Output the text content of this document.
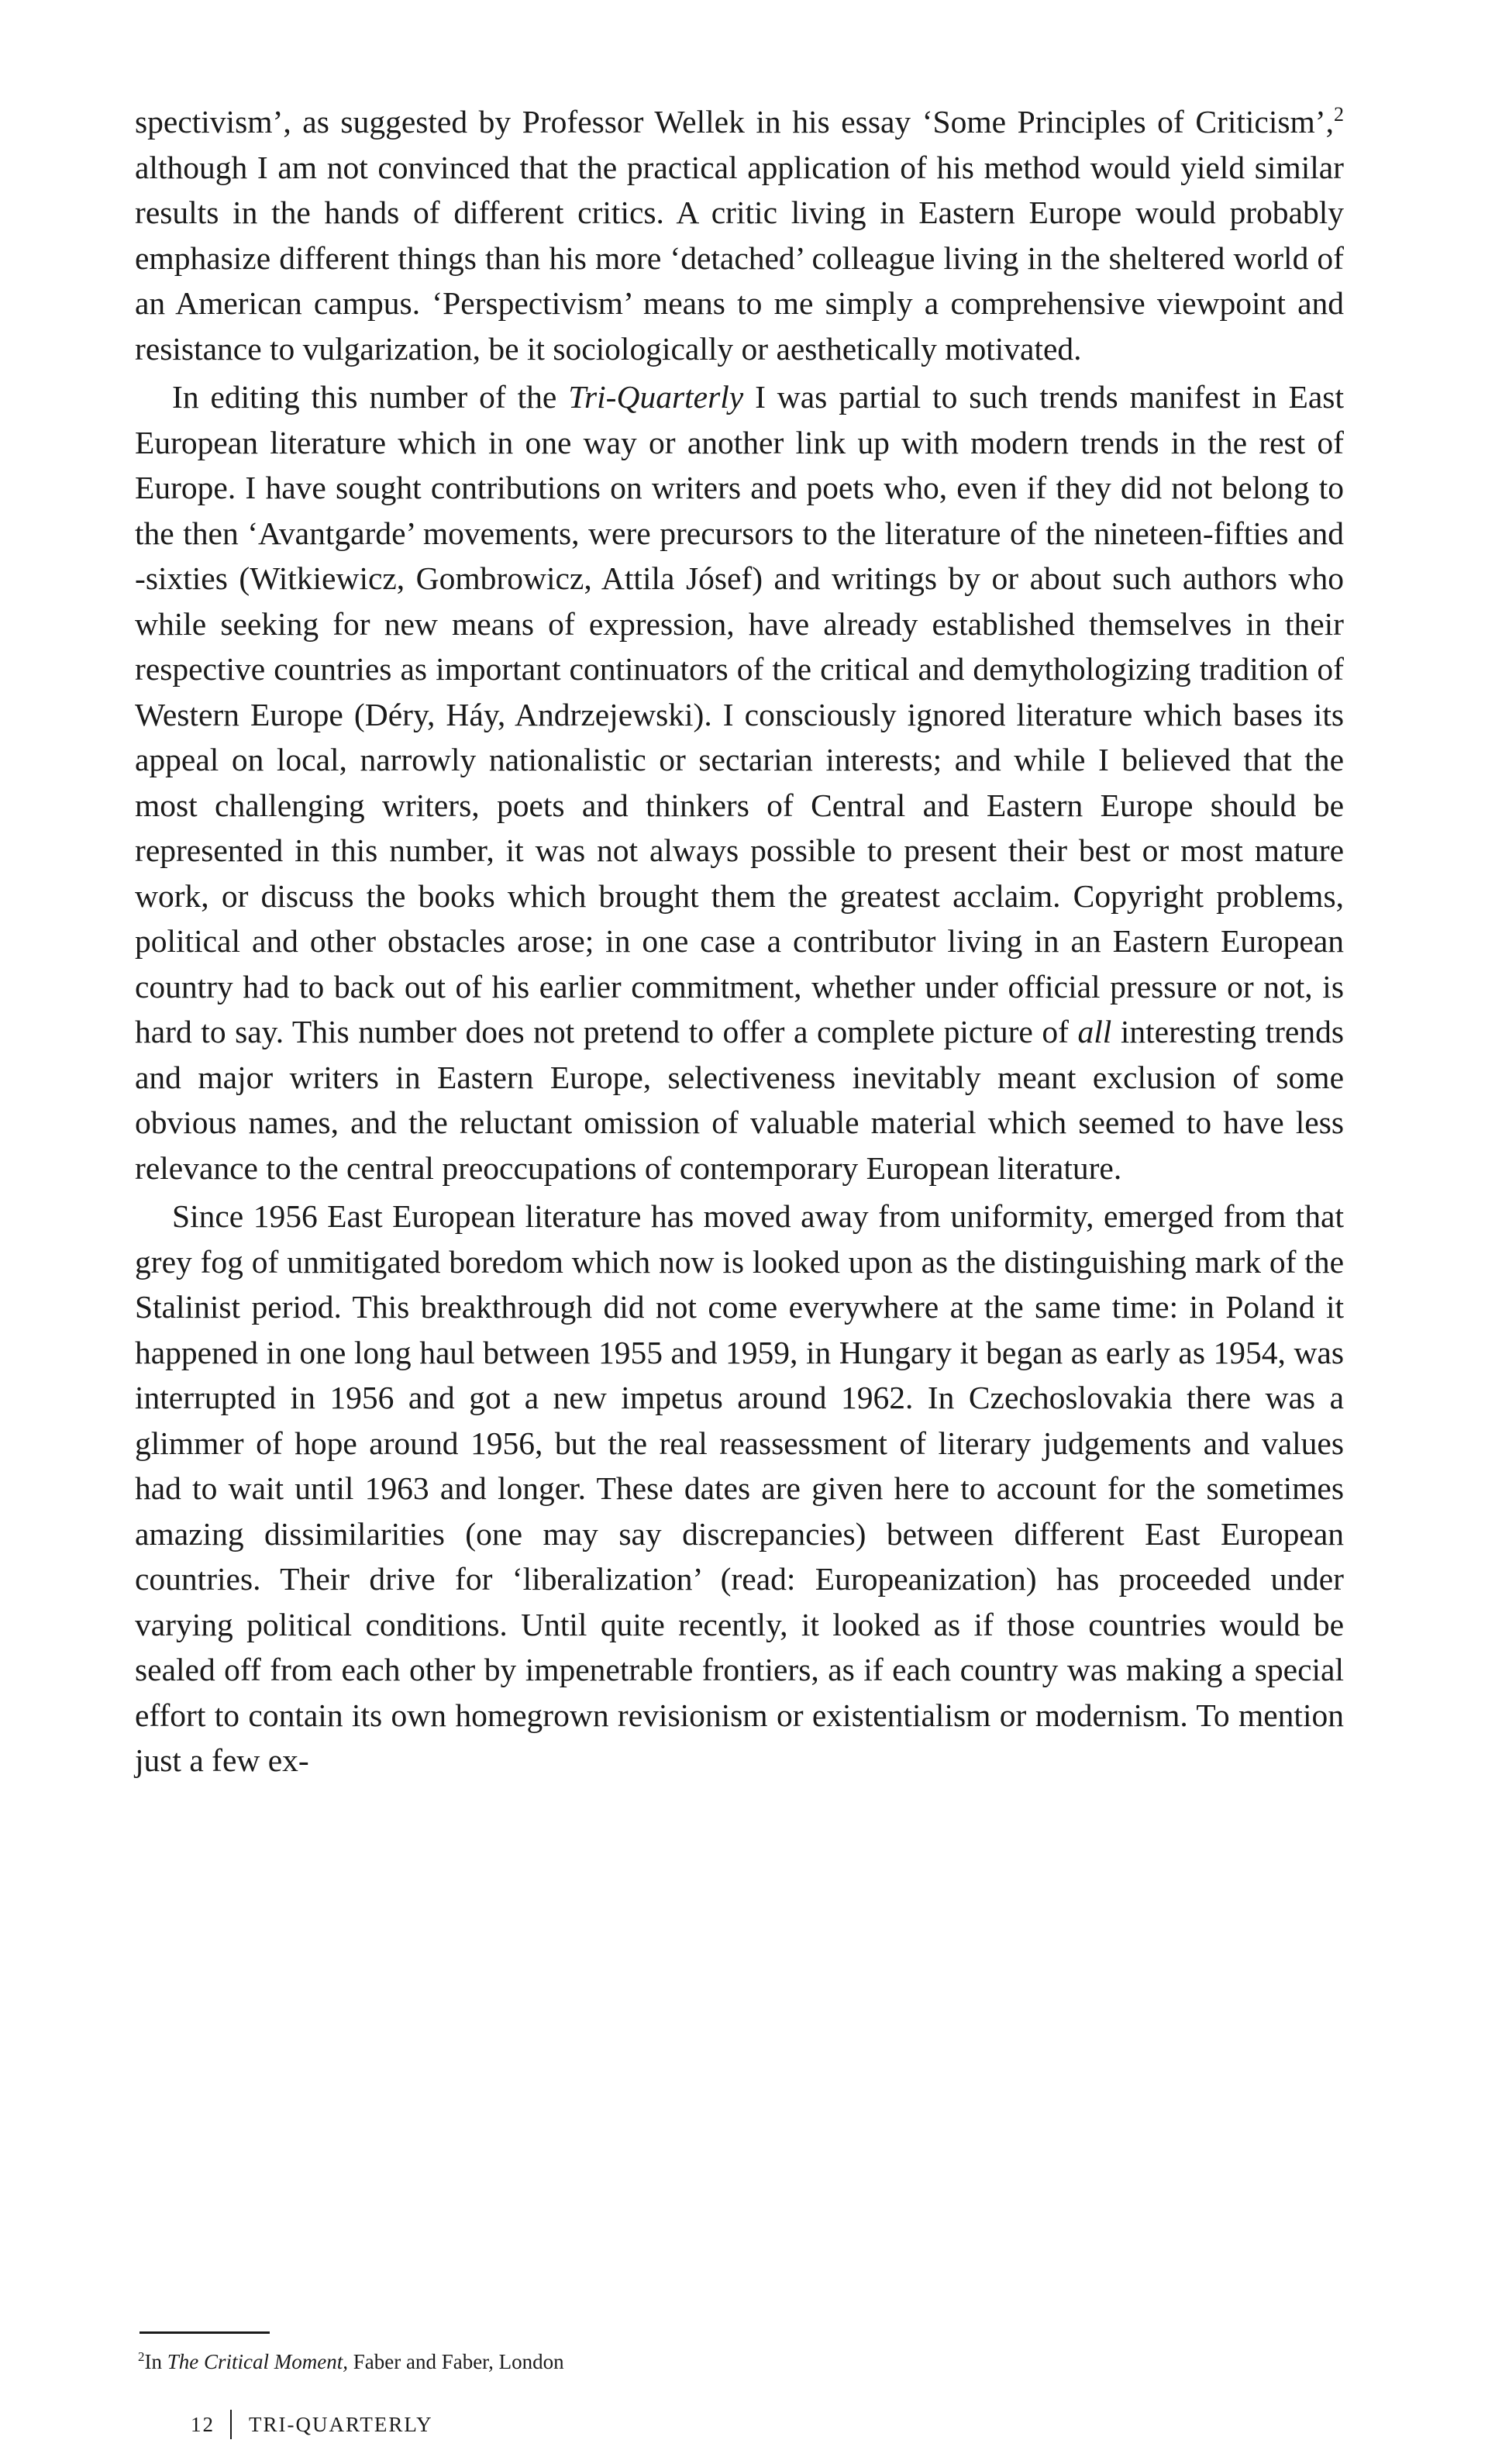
spectivism’, as suggested by Professor Wellek in his essay ‘Some Principles of Criticism’,$^2$ although I am not convinced that the practical application of his method would yield similar results in the hands of different critics. A critic living in Eastern Europe would probably emphasize different things than his more ‘detached’ colleague living in the sheltered world of an American campus. ‘Perspectivism’ means to me simply a comprehensive viewpoint and resistance to vulgarization, be it sociologically or aesthetically motivated.

In editing this number of the Tri-Quarterly I was partial to such trends manifest in East European literature which in one way or another link up with modern trends in the rest of Europe. I have sought contributions on writers and poets who, even if they did not belong to the then ‘Avantgarde’ movements, were precursors to the literature of the nineteen-fifties and -sixties (Witkiewicz, Gombrowicz, Attila Jósef) and writings by or about such authors who while seeking for new means of expression, have already established themselves in their respective countries as important continuators of the critical and demythologizing tradition of Western Europe (Déry, Háy, Andrzejewski). I consciously ignored literature which bases its appeal on local, narrowly nationalistic or sectarian interests; and while I believed that the most challenging writers, poets and thinkers of Central and Eastern Europe should be represented in this number, it was not always possible to present their best or most mature work, or discuss the books which brought them the greatest acclaim. Copyright problems, political and other obstacles arose; in one case a contributor living in an Eastern European country had to back out of his earlier commitment, whether under official pressure or not, is hard to say. This number does not pretend to offer a complete picture of all interesting trends and major writers in Eastern Europe, selectiveness inevitably meant exclusion of some obvious names, and the reluctant omission of valuable material which seemed to have less relevance to the central preoccupations of contemporary European literature.

Since 1956 East European literature has moved away from uniformity, emerged from that grey fog of unmitigated boredom which now is looked upon as the distinguishing mark of the Stalinist period. This breakthrough did not come everywhere at the same time: in Poland it happened in one long haul between 1955 and 1959, in Hungary it began as early as 1954, was interrupted in 1956 and got a new impetus around 1962. In Czechoslovakia there was a glimmer of hope around 1956, but the real reassessment of literary judgements and values had to wait until 1963 and longer. These dates are given here to account for the sometimes amazing dissimilarities (one may say discrepancies) between different East European countries. Their drive for ‘liberalization’ (read: Europeanization) has proceeded under varying political conditions. Until quite recently, it looked as if those countries would be sealed off from each other by impenetrable frontiers, as if each country was making a special effort to contain its own homegrown revisionism or existentialism or modernism. To mention just a few ex-

$^2$In The Critical Moment, Faber and Faber, London
12 TRI-QUARTERLY
